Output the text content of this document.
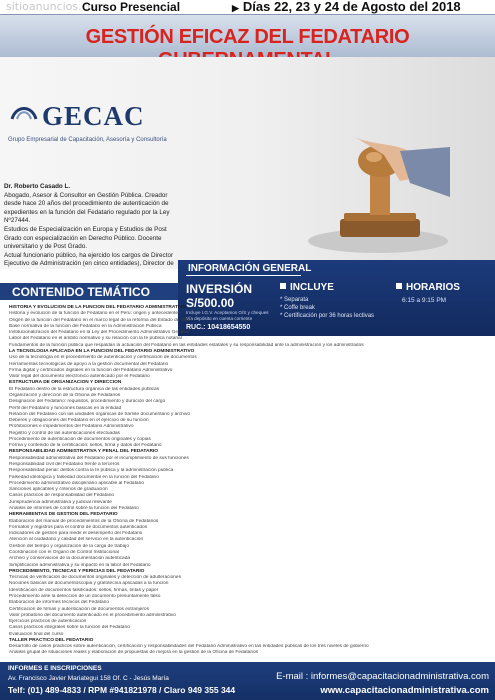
sitioanuncios.com
Curso Presencial	▶ Días 22, 23 y 24 de Agosto del 2018
GESTIÓN EFICAZ DEL FEDATARIO
GECAC
Grupo Empresarial de Capacitación, Asesoría y Consultoría

Dr. Roberto Casado L.

Abogado, Asesor & Consultor en Gestión Pública. Creador desde hace 20 años del procedimiento de autenticación de expedientes en la función del Fedatario regulado por la Ley Nº27444.

Estudios de Especialización en Europa y Estudios de Post Grado con especialización en Derecho Público. Docente universitario y de Post Grado.

Actual funcionario público, ha ejercido los cargos de Director Ejecutivo de Administración (en cinco entidades), Director de INFORMACIÓN GENERAL
INVERSIÓN
S/500.00
Incluye I.G.V. Aceptamos O/S y cheques
Vía depósito en cuenta corriente
RUC.: 10418654550
INCLUYE
* Separata
* Coffe break
* Certificación por 36 horas lectivas
HORARIOS
6:15 a 9:15 PM
CONTENIDO TEMÁTICO
HISTORIA Y EVOLUCIÓN DE LA FUNCIÓN DEL FEDATARIO ADMINISTRATIVO
Historia y evolución de la función de Fedatario en el Perú: origen y antecedentes
Origen de la función del Fedatario en el marco legal de la reforma del Estado de 1990
Base normativa de la función del Fedatario en la Administración Pública
Institucionalización del Fedatario en la Ley del Procedimiento Administrativo General
Labor del Fedatario en el ámbito normativo y su relación con la fe pública notarial
Fundamentos de la función pública que respaldan la actuación del Fedatario en las entidades estatales y su responsabilidad ante la administración y los administrados
LA TECNOLOGÍA APLICADA EN LA FUNCIÓN DEL FEDATARIO ADMINISTRATIVO
Uso de la tecnología en el procedimiento de autenticación y certificación de documentos
Herramientas tecnológicas de apoyo a la gestión documental del Fedatario
Firma digital y certificados digitales en la función del Fedatario Administrativo
Valor legal del documento electrónico autenticado por el Fedatario
ESTRUCTURA DE ORGANIZACIÓN Y DIRECCIÓN
El Fedatario dentro de la estructura orgánica de las entidades públicas
Organización y dirección de la Oficina de Fedatarios
Designación del Fedatario: requisitos, procedimiento y duración del cargo
Perfil del Fedatario y funciones básicas en la entidad
Relación del Fedatario con las unidades orgánicas de trámite documentario y archivo
Deberes y obligaciones del Fedatario en el ejercicio de su función
Prohibiciones e impedimentos del Fedatario Administrativo
Registro y control de las autenticaciones efectuadas
Procedimiento de autenticación de documentos originales y copias
Forma y contenido de la certificación: sellos, firma y datos del Fedatario
RESPONSABILIDAD ADMINISTRATIVA Y PENAL DEL FEDATARIO
Responsabilidad administrativa del Fedatario por el incumplimiento de sus funciones
Responsabilidad civil del Fedatario frente a terceros
Responsabilidad penal: delitos contra la fe pública y la administración pública
Falsedad ideológica y falsedad documental en la función del Fedatario
Procedimiento administrativo disciplinario aplicable al Fedatario
Sanciones aplicables y criterios de graduación
Casos prácticos de responsabilidad del Fedatario
Jurisprudencia administrativa y judicial relevante
Análisis de informes de control sobre la función del Fedatario
HERRAMIENTAS DE GESTIÓN DEL FEDATARIO
Elaboración del manual de procedimientos de la Oficina de Fedatarios
Formatos y registros para el control de documentos autenticados
Indicadores de gestión para medir el desempeño del Fedatario
Atención al ciudadano y calidad del servicio en la autenticación
Gestión del tiempo y organización de la carga de trabajo
Coordinación con el Órgano de Control Institucional
Archivo y conservación de la documentación autenticada
Simplificación administrativa y su impacto en la labor del Fedatario
PROCEDIMIENTO, TÉCNICAS Y PERICIAS DEL FEDATARIO
Técnicas de verificación de documentos originales y detección de adulteraciones
Nociones básicas de documentoscopia y grafotecnia aplicadas a la función
Identificación de documentos falsificados: sellos, firmas, tintas y papel
Procedimiento ante la detección de un documento presuntamente falso
Elaboración de informes técnicos del Fedatario
Certificación de firmas y autenticación de documentos extranjeros
Valor probatorio del documento autenticado en el procedimiento administrativo
Ejercicios prácticos de autenticación
Casos prácticos integrales sobre la función del Fedatario
Evaluación final del curso
TALLER PRÁCTICO DEL FEDATARIO
Desarrollo de casos prácticos sobre autenticación, certificación y responsabilidades del Fedatario Administrativo en las entidades públicas de los tres niveles de gobierno
Análisis grupal de situaciones reales y elaboración de propuestas de mejora en la gestión de la Oficina de Fedatarios
INFORMES E INSCRIPCIONES
Av. Francisco Javier Mariategui 158 Of. C - Jesús María
Telf: (01) 489-4833 / RPM #941821978 / Claro 949 355 344
E-mail : informes@capacitacionadministrativa.com
www.capacitacionadministrativa.com
